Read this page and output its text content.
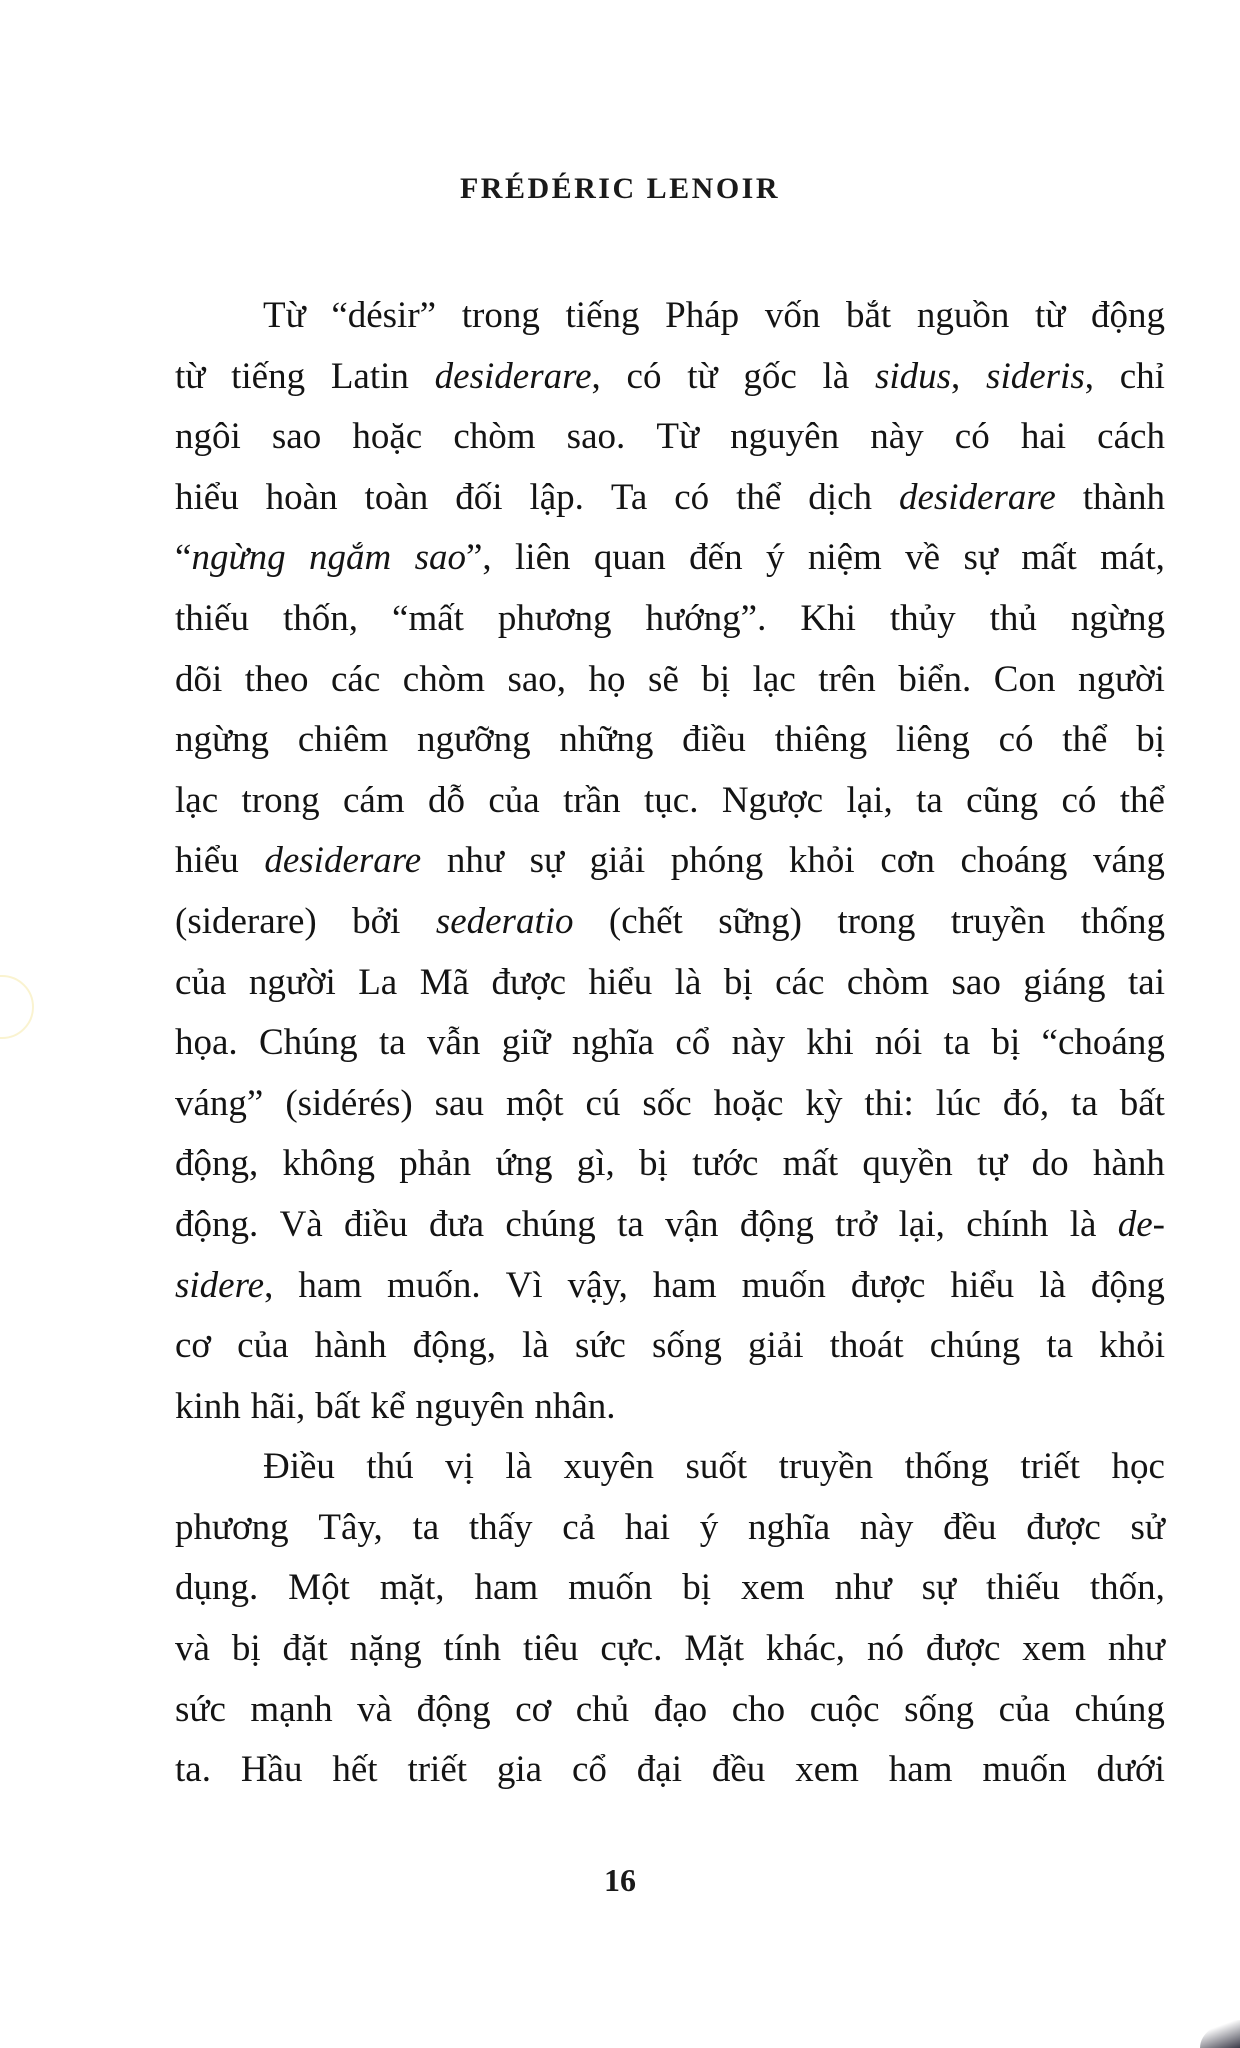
FRÉDÉRIC LENOIR
Từ “désir” trong tiếng Pháp vốn bắt nguồn từ động
từ tiếng Latin desiderare, có từ gốc là sidus, sideris, chỉ
ngôi sao hoặc chòm sao. Từ nguyên này có hai cách
hiểu hoàn toàn đối lập. Ta có thể dịch desiderare thành
“ngừng ngắm sao”, liên quan đến ý niệm về sự mất mát,
thiếu thốn, “mất phương hướng”. Khi thủy thủ ngừng
dõi theo các chòm sao, họ sẽ bị lạc trên biển. Con người
ngừng chiêm ngưỡng những điều thiêng liêng có thể bị
lạc trong cám dỗ của trần tục. Ngược lại, ta cũng có thể
hiểu desiderare như sự giải phóng khỏi cơn choáng váng
(siderare) bởi sederatio (chết sững) trong truyền thống
của người La Mã được hiểu là bị các chòm sao giáng tai
họa. Chúng ta vẫn giữ nghĩa cổ này khi nói ta bị “choáng
váng” (sidérés) sau một cú sốc hoặc kỳ thi: lúc đó, ta bất
động, không phản ứng gì, bị tước mất quyền tự do hành
động. Và điều đưa chúng ta vận động trở lại, chính là de-
sidere, ham muốn. Vì vậy, ham muốn được hiểu là động
cơ của hành động, là sức sống giải thoát chúng ta khỏi
kinh hãi, bất kể nguyên nhân.
Điều thú vị là xuyên suốt truyền thống triết học
phương Tây, ta thấy cả hai ý nghĩa này đều được sử
dụng. Một mặt, ham muốn bị xem như sự thiếu thốn,
và bị đặt nặng tính tiêu cực. Mặt khác, nó được xem như
sức mạnh và động cơ chủ đạo cho cuộc sống của chúng
ta. Hầu hết triết gia cổ đại đều xem ham muốn dưới
16
